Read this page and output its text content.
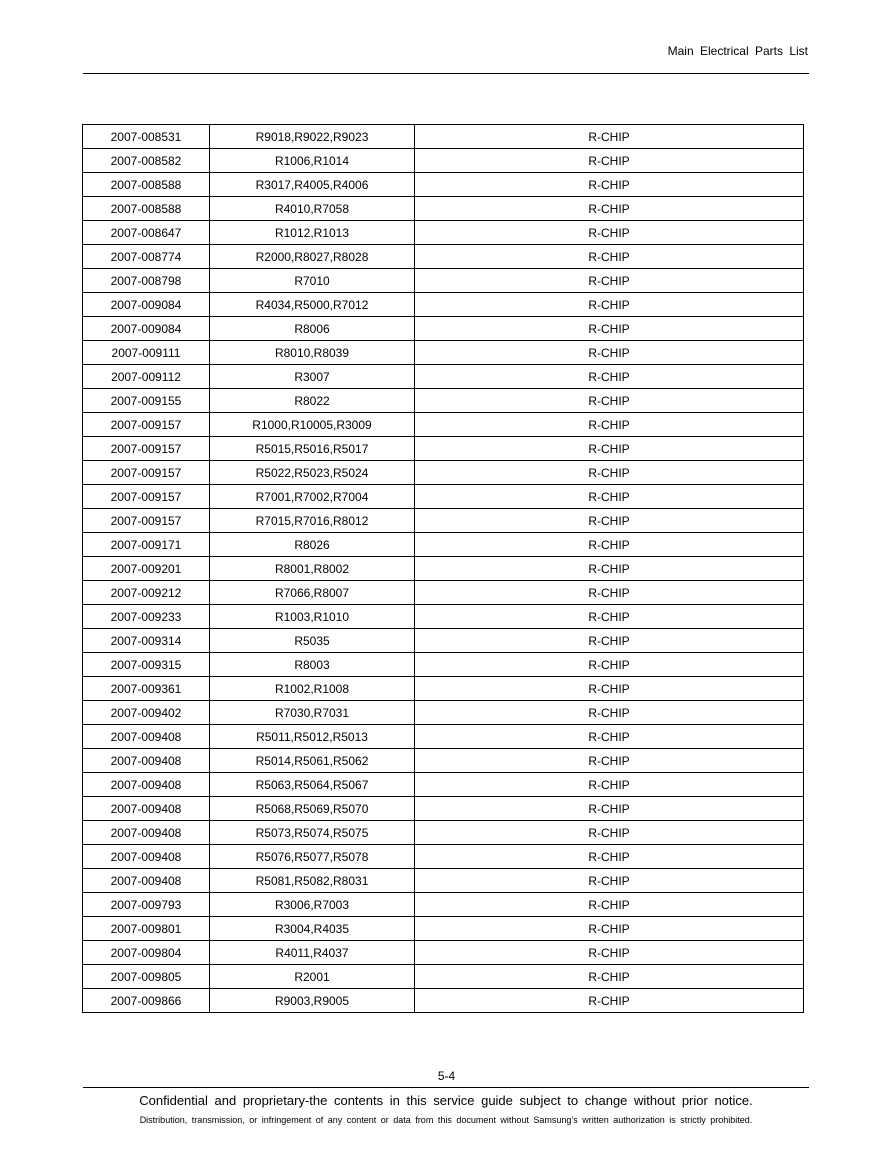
Main Electrical Parts List
2007-008531	R9018,R9022,R9023	R-CHIP
2007-008582	R1006,R1014	R-CHIP
2007-008588	R3017,R4005,R4006	R-CHIP
2007-008588	R4010,R7058	R-CHIP
2007-008647	R1012,R1013	R-CHIP
2007-008774	R2000,R8027,R8028	R-CHIP
2007-008798	R7010	R-CHIP
2007-009084	R4034,R5000,R7012	R-CHIP
2007-009084	R8006	R-CHIP
2007-009111	R8010,R8039	R-CHIP
2007-009112	R3007	R-CHIP
2007-009155	R8022	R-CHIP
2007-009157	R1000,R10005,R3009	R-CHIP
2007-009157	R5015,R5016,R5017	R-CHIP
2007-009157	R5022,R5023,R5024	R-CHIP
2007-009157	R7001,R7002,R7004	R-CHIP
2007-009157	R7015,R7016,R8012	R-CHIP
2007-009171	R8026	R-CHIP
2007-009201	R8001,R8002	R-CHIP
2007-009212	R7066,R8007	R-CHIP
2007-009233	R1003,R1010	R-CHIP
2007-009314	R5035	R-CHIP
2007-009315	R8003	R-CHIP
2007-009361	R1002,R1008	R-CHIP
2007-009402	R7030,R7031	R-CHIP
2007-009408	R5011,R5012,R5013	R-CHIP
2007-009408	R5014,R5061,R5062	R-CHIP
2007-009408	R5063,R5064,R5067	R-CHIP
2007-009408	R5068,R5069,R5070	R-CHIP
2007-009408	R5073,R5074,R5075	R-CHIP
2007-009408	R5076,R5077,R5078	R-CHIP
2007-009408	R5081,R5082,R8031	R-CHIP
2007-009793	R3006,R7003	R-CHIP
2007-009801	R3004,R4035	R-CHIP
2007-009804	R4011,R4037	R-CHIP
2007-009805	R2001	R-CHIP
2007-009866	R9003,R9005	R-CHIP
5-4
Confidential and proprietary-the contents in this service guide subject to change without prior notice.
Distribution, transmission, or infringement of any content or data from this document without Samsung’s written authorization is strictly prohibited.
